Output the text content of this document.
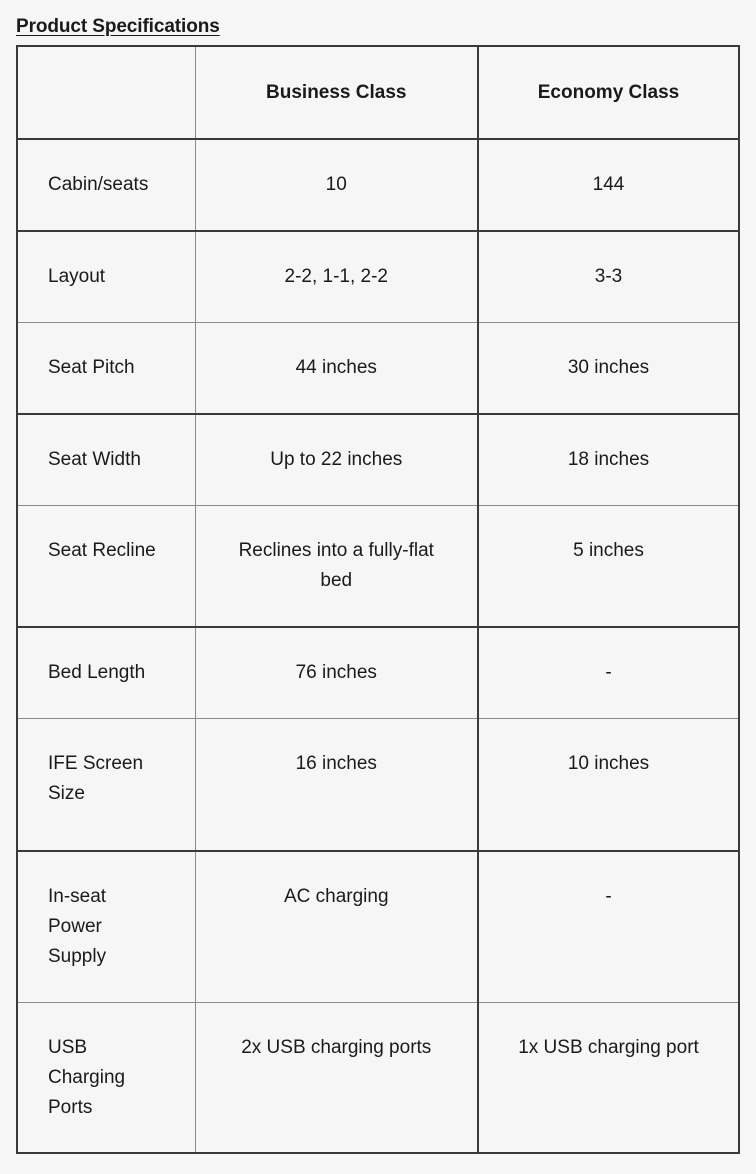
Product Specifications
	Business Class	Economy Class
Cabin/seats	10	144
Layout	2-2, 1-1, 2-2	3-3
Seat Pitch	44 inches	30 inches
Seat Width	Up to 22 inches	18 inches
Seat Recline	Reclines into a fully-flat bed	5 inches
Bed Length	76 inches	-
IFE Screen Size	16 inches	10 inches
In-seat Power Supply	AC charging	-
USB Charging Ports	2x USB charging ports	1x USB charging port
